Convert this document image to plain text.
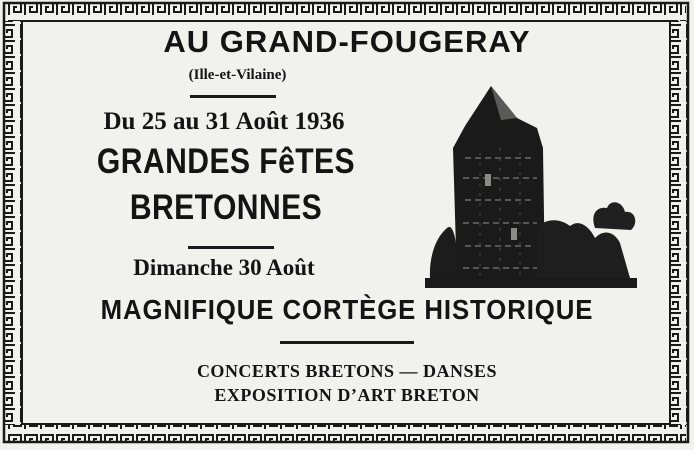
AU GRAND-FOUGERAY

(Ille-et-Vilaine)

Du 25 au 31 Août 1936

GRANDES FêTES

BRETONNES

Dimanche 30 Août

MAGNIFIQUE CORTÈGE HISTORIQUE

CONCERTS BRETONS — DANSES

EXPOSITION D’ART BRETON
